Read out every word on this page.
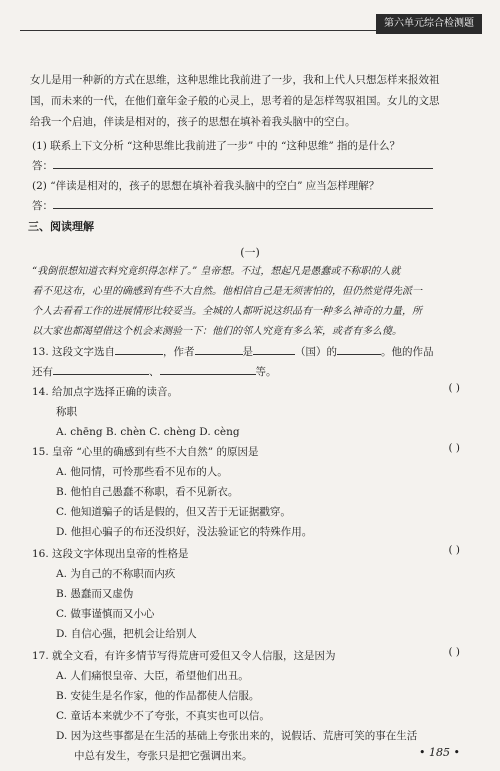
第六单元综合检测题

女儿是用一种新的方式在思维，这种思维比我前进了一步，我和上代人只想怎样来报效祖

国，而未来的一代，在他们童年金子般的心灵上，思考着的是怎样驾驭祖国。女儿的文思

给我一个启迪，伴读是相对的，孩子的思想在填补着我头脑中的空白。

(1) 联系上下文分析 “这种思维比我前进了一步” 中的 “这种思维” 指的是什么？
答：
(2) “伴读是相对的，孩子的思想在填补着我头脑中的空白” 应当怎样理解？
答：
三、阅读理解
(一)
“我倒很想知道衣料究竟织得怎样了。” 皇帝想。不过，想起凡是愚蠢或不称职的人就
看不见这布，心里的确感到有些不大自然。他相信自己是无须害怕的，但仍然觉得先派一
个人去看看工作的进展情形比较妥当。全城的人都听说这织品有一种多么神奇的力量，所
以大家也都渴望借这个机会来测验一下：他们的邻人究竟有多么笨，或者有多么傻。
13. 这段文字选自	，作者	是	（国）的	。他的作品
还有	、	等。
14. 给加点字选择正确的读音。	( )
称职
A. chēng B. chèn C. chèng D. cèng
15. 皇帝 “心里的确感到有些不大自然” 的原因是	( )
A. 他同情，可怜那些看不见布的人。
B. 他怕自己愚蠢不称职，看不见新衣。
C. 他知道骗子的话是假的，但又苦于无证据戳穿。
D. 他担心骗子的布还没织好，没法验证它的特殊作用。
16. 这段文字体现出皇帝的性格是	( )
A. 为自己的不称职而内疚
B. 愚蠢而又虚伪
C. 做事谨慎而又小心
D. 自信心强，把机会让给别人
17. 就全文看，有许多情节写得荒唐可爱但又令人信服，这是因为	( )
A. 人们痛恨皇帝、大臣，希望他们出丑。
B. 安徒生是名作家，他的作品都使人信服。
C. 童话本来就少不了夸张，不真实也可以信。
D. 因为这些事都是在生活的基础上夸张出来的，说假话、荒唐可笑的事在生活
中总有发生，夸张只是把它强调出来。	• 185 •
